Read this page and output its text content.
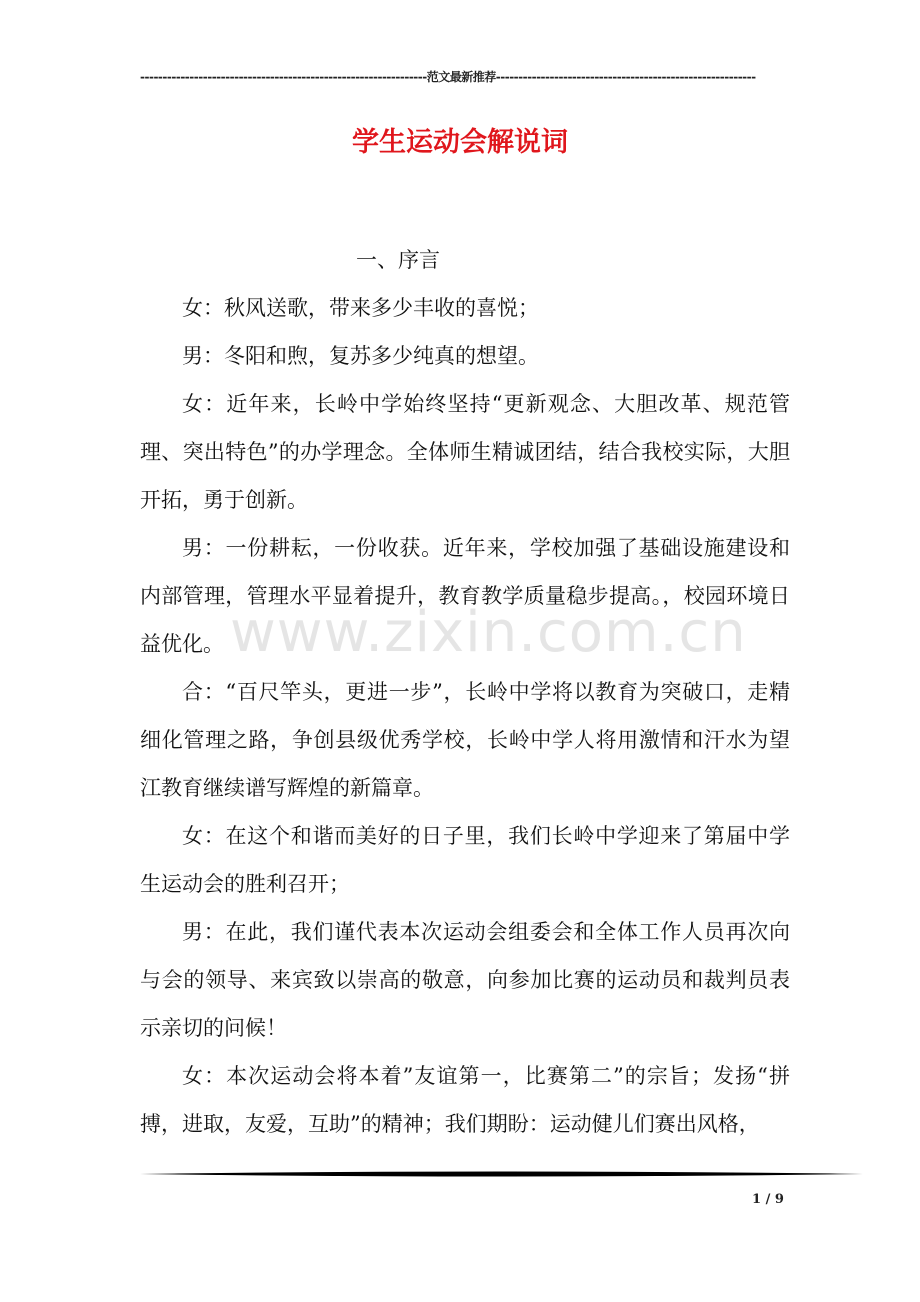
----------------------------------------------------------------范文最新推荐----------------------------------------------------------
学生运动会解说词

一、序言

女：秋风送歌，带来多少丰收的喜悦；

男：冬阳和煦，复苏多少纯真的想望。

女：近年来，长岭中学始终坚持“更新观念、大胆改革、规范管理、突出特色”的办学理念。全体师生精诚团结，结合我校实际，大胆开拓，勇于创新。

男：一份耕耘，一份收获。近年来，学校加强了基础设施建设和内部管理，管理水平显着提升，教育教学质量稳步提高。，校园环境日益优化。

合：“百尺竿头，更进一步”，长岭中学将以教育为突破口，走精细化管理之路，争创县级优秀学校，长岭中学人将用激情和汗水为望江教育继续谱写辉煌的新篇章。

女：在这个和谐而美好的日子里，我们长岭中学迎来了第届中学生运动会的胜利召开；

男：在此，我们谨代表本次运动会组委会和全体工作人员再次向与会的领导、来宾致以崇高的敬意，向参加比赛的运动员和裁判员表示亲切的问候！

女：本次运动会将本着”友谊第一，比赛第二”的宗旨；发扬“拼搏，进取，友爱，互助”的精神；我们期盼：运动健儿们赛出风格，

www.zixin.com.cn
1 / 9
